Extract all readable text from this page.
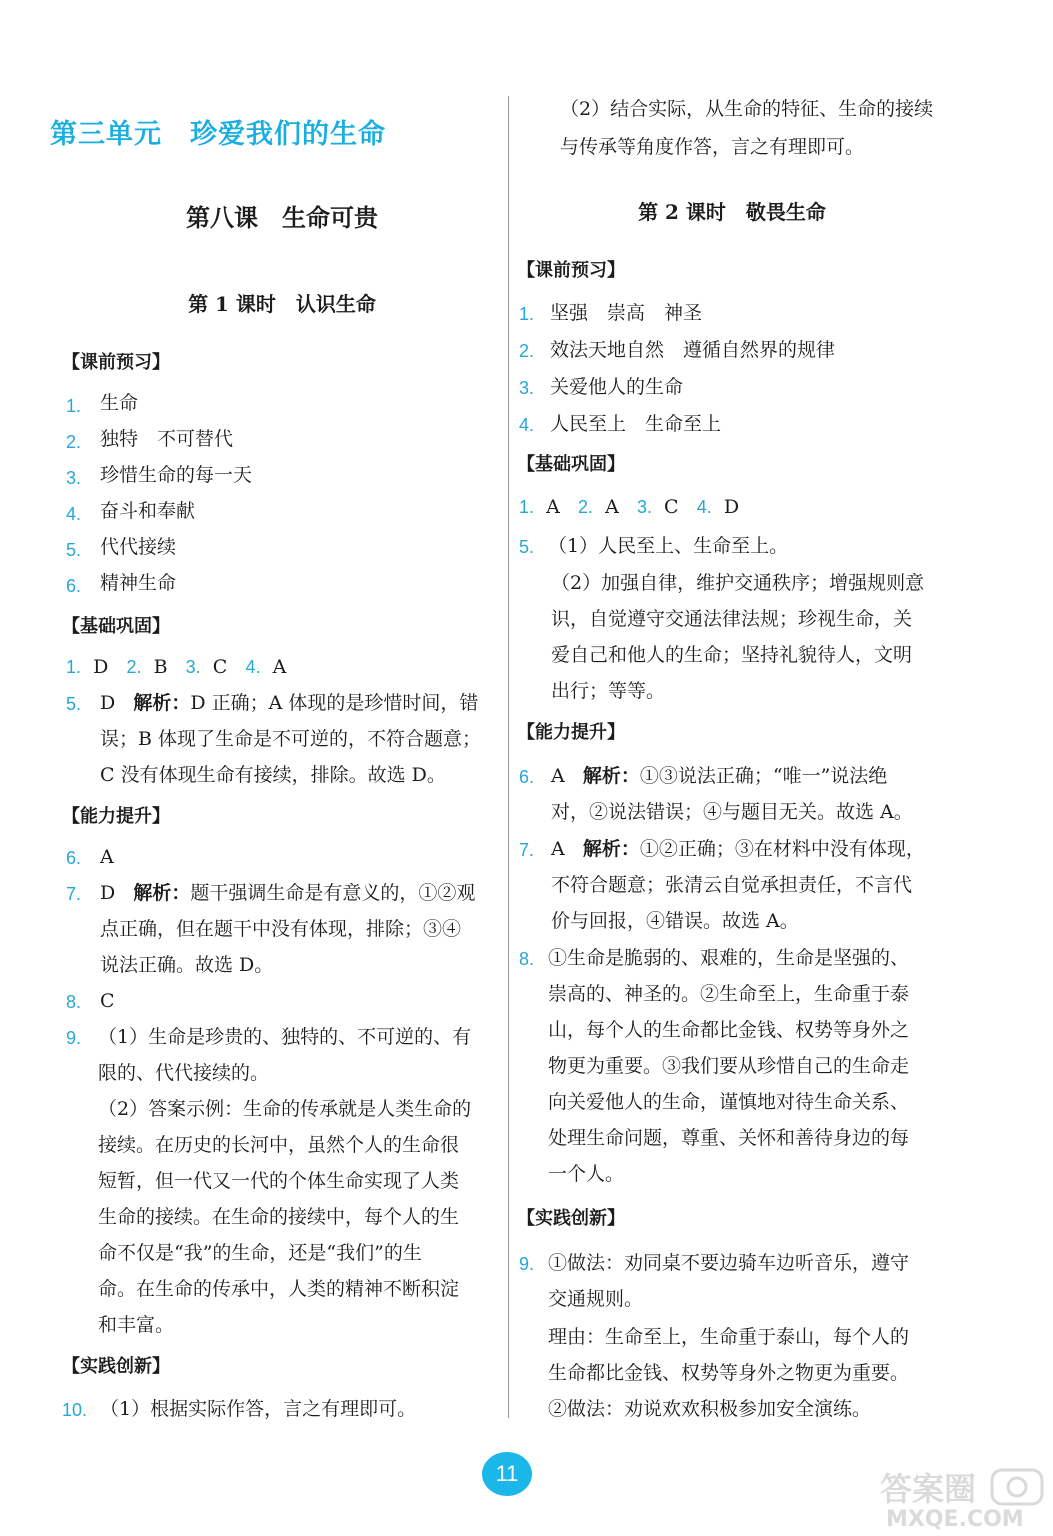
第三单元　珍爱我们的生命
第八课　生命可贵
第 1 课时　认识生命
【课前预习】
1. 生命
2. 独特　不可替代
3. 珍惜生命的每一天
4. 奋斗和奉献
5. 代代接续
6. 精神生命
【基础巩固】
1. D 2. B 3. C 4. A
5. D 解析：D 正确；A 体现的是珍惜时间，错
误；B 体现了生命是不可逆的，不符合题意；
C 没有体现生命有接续，排除。故选 D。
【能力提升】
6. A
7. D 解析：题干强调生命是有意义的，①②观
点正确，但在题干中没有体现，排除；③④
说法正确。故选 D。
8. C
9. （1）生命是珍贵的、独特的、不可逆的、有
限的、代代接续的。
（2）答案示例：生命的传承就是人类生命的
接续。在历史的长河中，虽然个人的生命很
短暂，但一代又一代的个体生命实现了人类
生命的接续。在生命的接续中，每个人的生
命不仅是“我”的生命，还是“我们”的生
命。在生命的传承中，人类的精神不断积淀
和丰富。
【实践创新】
10. （1）根据实际作答，言之有理即可。
（2）结合实际，从生命的特征、生命的接续
与传承等角度作答，言之有理即可。
第 2 课时　敬畏生命
【课前预习】
1. 坚强　崇高　神圣
2. 效法天地自然　遵循自然界的规律
3. 关爱他人的生命
4. 人民至上　生命至上
【基础巩固】
1. A 2. A 3. C 4. D
5. （1）人民至上、生命至上。
（2）加强自律，维护交通秩序；增强规则意
识，自觉遵守交通法律法规；珍视生命，关
爱自己和他人的生命；坚持礼貌待人，文明
出行；等等。
【能力提升】
6. A 解析：①③说法正确；“唯一”说法绝
对，②说法错误；④与题目无关。故选 A。
7. A 解析：①②正确；③在材料中没有体现，
不符合题意；张清云自觉承担责任，不言代
价与回报，④错误。故选 A。
8. ①生命是脆弱的、艰难的，生命是坚强的、
崇高的、神圣的。②生命至上，生命重于泰
山，每个人的生命都比金钱、权势等身外之
物更为重要。③我们要从珍惜自己的生命走
向关爱他人的生命，谨慎地对待生命关系、
处理生命问题，尊重、关怀和善待身边的每
一个人。
【实践创新】
9. ①做法：劝同桌不要边骑车边听音乐，遵守
交通规则。
理由：生命至上，生命重于泰山，每个人的
生命都比金钱、权势等身外之物更为重要。
②做法：劝说欢欢积极参加安全演练。
11	答案圈
MXQE.COM
